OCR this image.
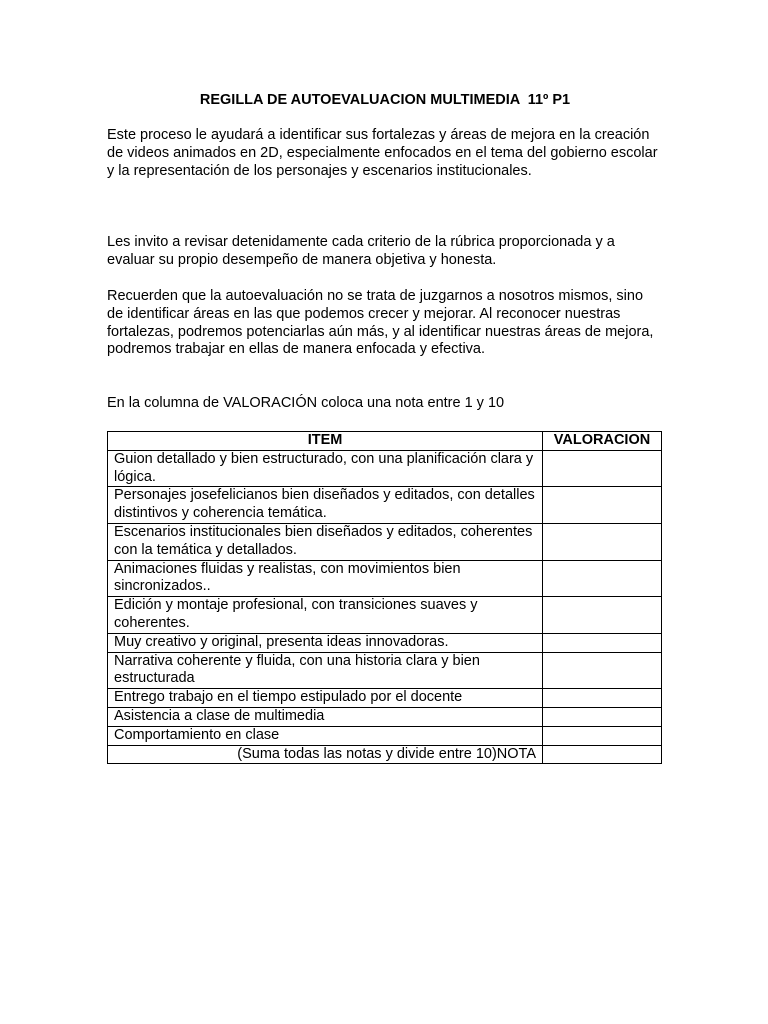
REGILLA DE AUTOEVALUACION MULTIMEDIA  11º P1

Este proceso le ayudará a identificar sus fortalezas y áreas de mejora en la creación de videos animados en 2D, especialmente enfocados en el tema del gobierno escolar y la representación de los personajes y escenarios institucionales.

Les invito a revisar detenidamente cada criterio de la rúbrica proporcionada y a evaluar su propio desempeño de manera objetiva y honesta.

Recuerden que la autoevaluación no se trata de juzgarnos a nosotros mismos, sino de identificar áreas en las que podemos crecer y mejorar. Al reconocer nuestras fortalezas, podremos potenciarlas aún más, y al identificar nuestras áreas de mejora, podremos trabajar en ellas de manera enfocada y efectiva.

En la columna de VALORACIÓN coloca una nota entre 1 y 10

ITEM	VALORACION
Guion detallado y bien estructurado, con una planificación clara y lógica.	
Personajes josefelicianos bien diseñados y editados, con detalles distintivos y coherencia temática.	
Escenarios institucionales bien diseñados y editados, coherentes con la temática y detallados.	
Animaciones fluidas y realistas, con movimientos bien sincronizados..	
Edición y montaje profesional, con transiciones suaves y coherentes.	
Muy creativo y original, presenta ideas innovadoras.	
Narrativa coherente y fluida, con una historia clara y bien estructurada	
Entrego trabajo en el tiempo estipulado por el docente	
Asistencia a clase de multimedia	
Comportamiento en clase	
(Suma todas las notas y divide entre 10)NOTA	
